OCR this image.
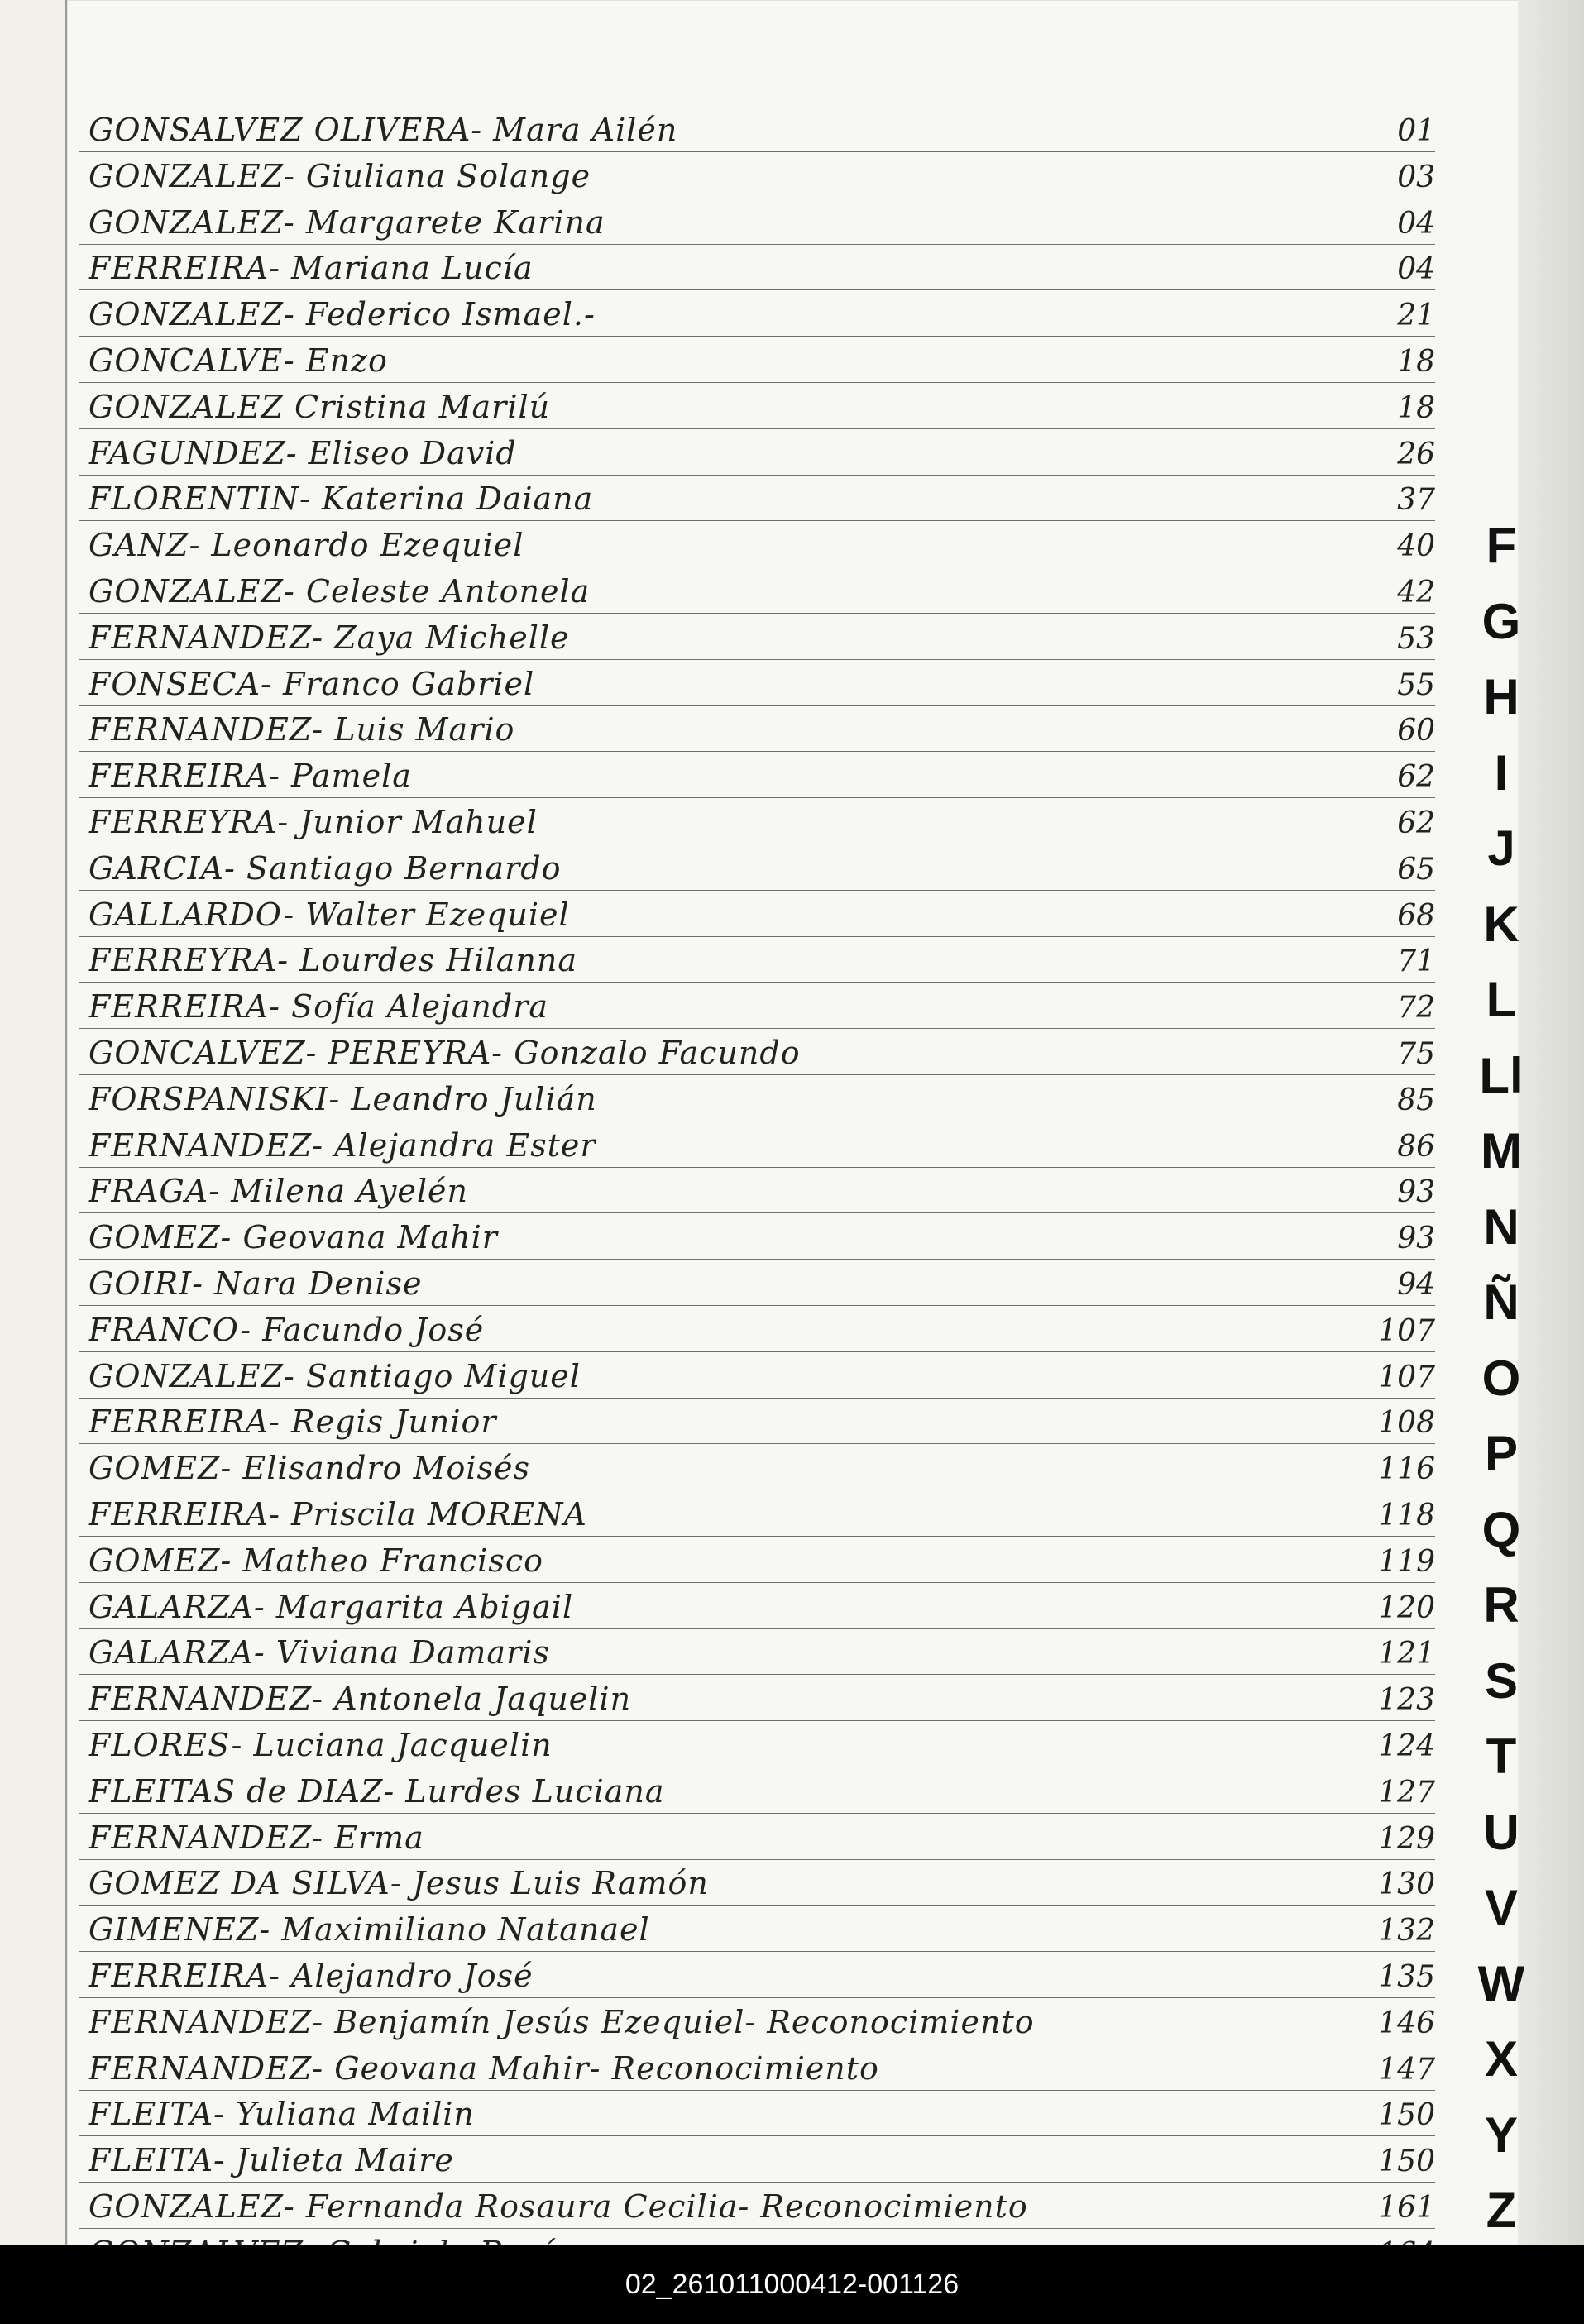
GONSALVEZ OLIVERA- Mara Ailén	01
GONZALEZ- Giuliana Solange	03
GONZALEZ- Margarete Karina	04
FERREIRA- Mariana Lucía	04
GONZALEZ- Federico Ismael.-	21
GONCALVE- Enzo	18
GONZALEZ Cristina Marilú	18
FAGUNDEZ- Eliseo David	26
FLORENTIN- Katerina Daiana	37
GANZ- Leonardo Ezequiel	40
GONZALEZ- Celeste Antonela	42
FERNANDEZ- Zaya Michelle	53
FONSECA- Franco Gabriel	55
FERNANDEZ- Luis Mario	60
FERREIRA- Pamela	62
FERREYRA- Junior Mahuel	62
GARCIA- Santiago Bernardo	65
GALLARDO- Walter Ezequiel	68
FERREYRA- Lourdes Hilanna	71
FERREIRA- Sofía Alejandra	72
GONCALVEZ- PEREYRA- Gonzalo Facundo	75
FORSPANISKI- Leandro Julián	85
FERNANDEZ- Alejandra Ester	86
FRAGA- Milena Ayelén	93
GOMEZ- Geovana Mahir	93
GOIRI- Nara Denise	94
FRANCO- Facundo José	107
GONZALEZ- Santiago Miguel	107
FERREIRA- Regis Junior	108
GOMEZ- Elisandro Moisés	116
FERREIRA- Priscila MORENA	118
GOMEZ- Matheo Francisco	119
GALARZA- Margarita Abigail	120
GALARZA- Viviana Damaris	121
FERNANDEZ- Antonela Jaquelin	123
FLORES- Luciana Jacquelin	124
FLEITAS de DIAZ- Lurdes Luciana	127
FERNANDEZ- Erma	129
GOMEZ DA SILVA- Jesus Luis Ramón	130
GIMENEZ- Maximiliano Natanael	132
FERREIRA- Alejandro José	135
FERNANDEZ- Benjamín Jesús Ezequiel- Reconocimiento	146
FERNANDEZ- Geovana Mahir- Reconocimiento	147
FLEITA- Yuliana Mailin	150
FLEITA- Julieta Maire	150
GONZALEZ- Fernanda Rosaura Cecilia- Reconocimiento	161
F
G
H
I
J
K
L
Ll
M
N
Ñ
O
P
Q
R
S
T
U
V
W
X
Y
Z
02_261011000412-001126
